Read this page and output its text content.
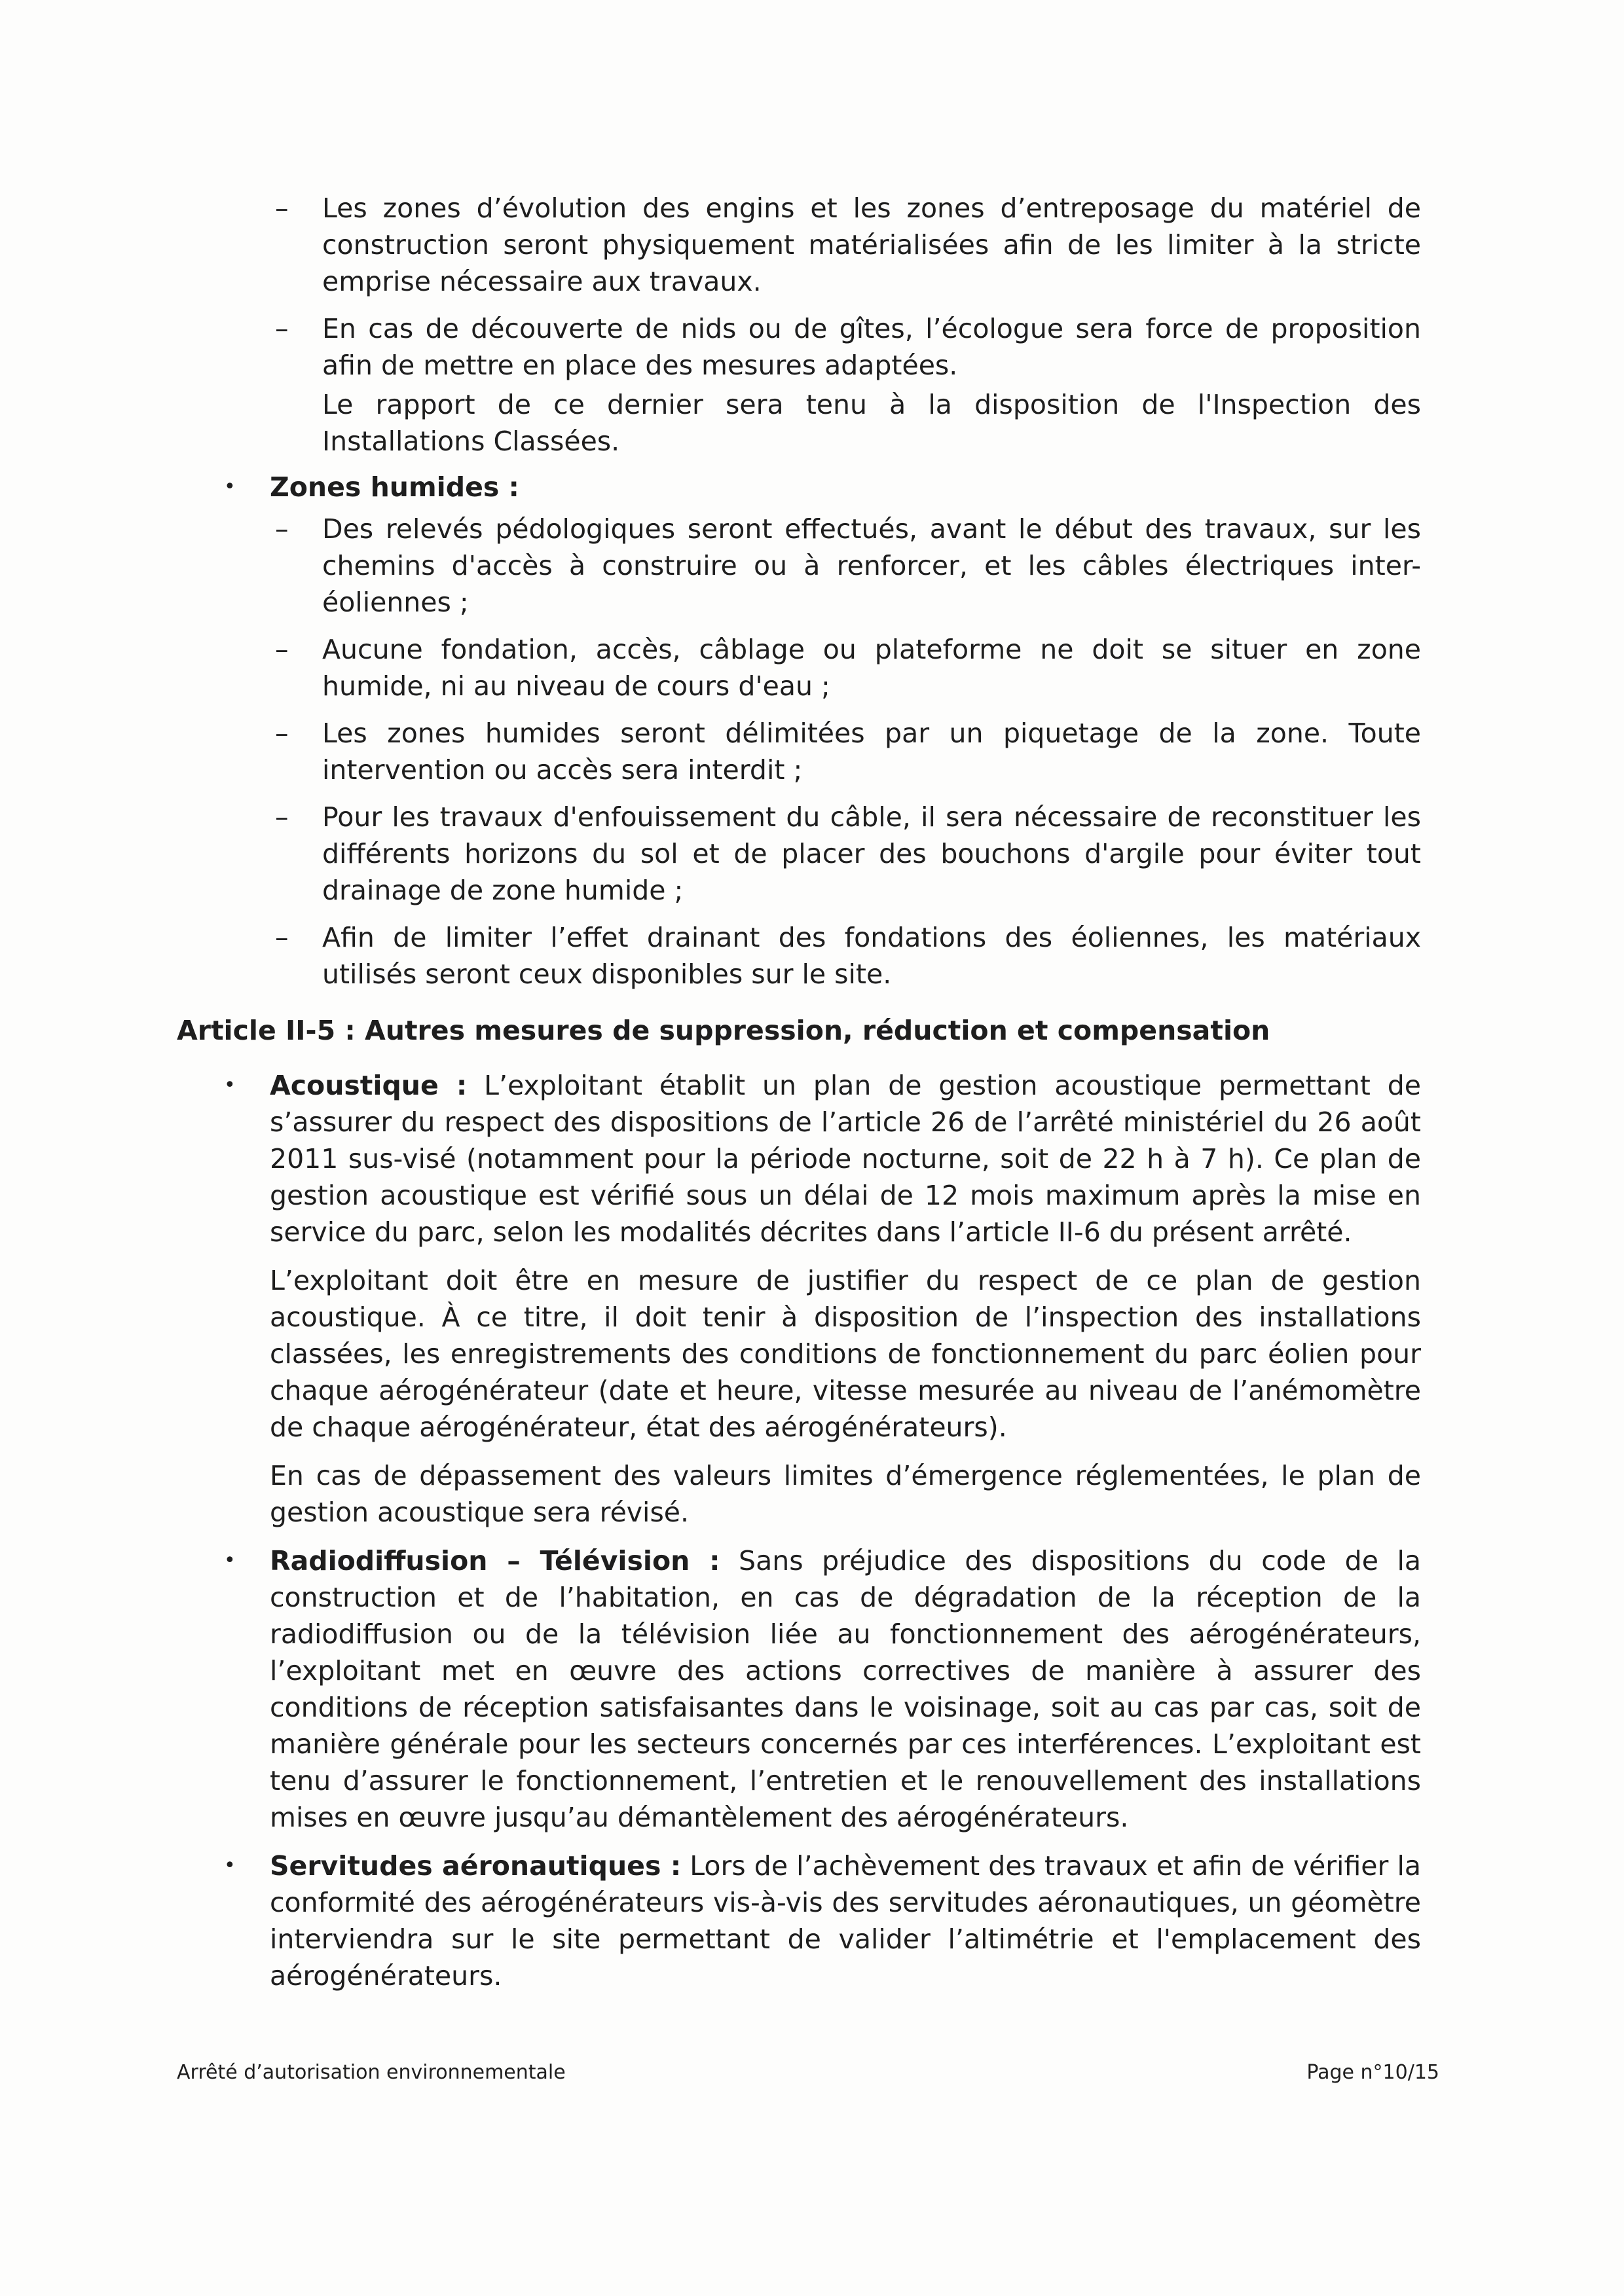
– Les zones d’évolution des engins et les zones d’entreposage du matériel de construction seront physiquement matérialisées afin de les limiter à la stricte emprise nécessaire aux travaux.

– En cas de découverte de nids ou de gîtes, l’écologue sera force de proposition afin de mettre en place des mesures adaptées.

Le rapport de ce dernier sera tenu à la disposition de l'Inspection des Installations Classées.

• Zones humides :

– Des relevés pédologiques seront effectués, avant le début des travaux, sur les chemins d'accès à construire ou à renforcer, et les câbles électriques inter-éoliennes ;

– Aucune fondation, accès, câblage ou plateforme ne doit se situer en zone humide, ni au niveau de cours d'eau ;

– Les zones humides seront délimitées par un piquetage de la zone. Toute intervention ou accès sera interdit ;

– Pour les travaux d'enfouissement du câble, il sera nécessaire de reconstituer les différents horizons du sol et de placer des bouchons d'argile pour éviter tout drainage de zone humide ;

– Afin de limiter l’effet drainant des fondations des éoliennes, les matériaux utilisés seront ceux disponibles sur le site.

Article II-5 : Autres mesures de suppression, réduction et compensation

• Acoustique : L’exploitant établit un plan de gestion acoustique permettant de s’assurer du respect des dispositions de l’article 26 de l’arrêté ministériel du 26 août 2011 sus-visé (notamment pour la période nocturne, soit de 22 h à 7 h). Ce plan de gestion acoustique est vérifié sous un délai de 12 mois maximum après la mise en service du parc, selon les modalités décrites dans l’article II-6 du présent arrêté.

L’exploitant doit être en mesure de justifier du respect de ce plan de gestion acoustique. À ce titre, il doit tenir à disposition de l’inspection des installations classées, les enregistrements des conditions de fonctionnement du parc éolien pour chaque aérogénérateur (date et heure, vitesse mesurée au niveau de l’anémomètre de chaque aérogénérateur, état des aérogénérateurs).

En cas de dépassement des valeurs limites d’émergence réglementées, le plan de gestion acoustique sera révisé.

• Radiodiffusion – Télévision : Sans préjudice des dispositions du code de la construction et de l’habitation, en cas de dégradation de la réception de la radiodiffusion ou de la télévision liée au fonctionnement des aérogénérateurs, l’exploitant met en œuvre des actions correctives de manière à assurer des conditions de réception satisfaisantes dans le voisinage, soit au cas par cas, soit de manière générale pour les secteurs concernés par ces interférences. L’exploitant est tenu d’assurer le fonctionnement, l’entretien et le renouvellement des installations mises en œuvre jusqu’au démantèlement des aérogénérateurs.

• Servitudes aéronautiques : Lors de l’achèvement des travaux et afin de vérifier la conformité des aérogénérateurs vis-à-vis des servitudes aéronautiques, un géomètre interviendra sur le site permettant de valider l’altimétrie et l'emplacement des aérogénérateurs.

Arrêté d’autorisation environnementale	Page n°10/15
